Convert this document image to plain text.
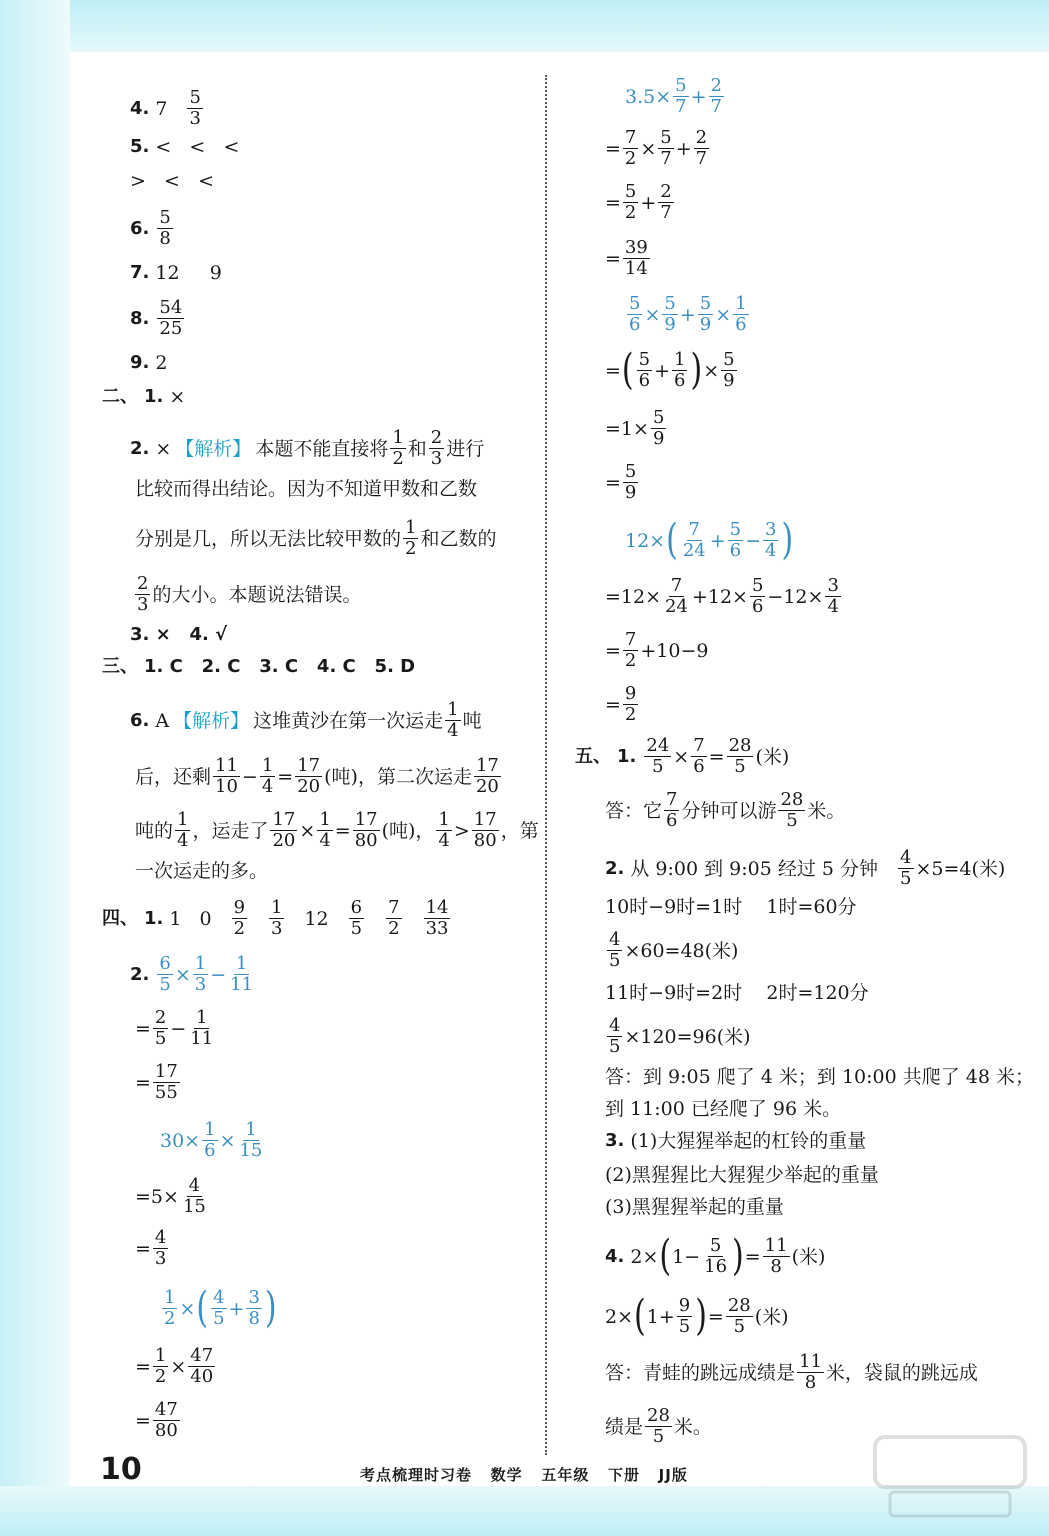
4. $7 \frac{5}{3}$
5. <   <   <
>   <   <
6. $\frac{5}{8}$
7. 12     9
8. $\frac{54}{25}$
9. 2
二、 1. ×
2. × 【解析】 本题不能直接将 $\frac{1}{2}$ 和 $\frac{2}{3}$ 进行
比较而得出结论。因为不知道甲数和乙数
分别是几，所以无法比较甲数的 $\frac{1}{2}$ 和乙数的
$\frac{2}{3}$ 的大小。本题说法错误。
3. ×   4. √
三、 1. C   2. C   3. C   4. C   5. D
6. A 【解析】 这堆黄沙在第一次运走 $\frac{1}{4}$ 吨
后，还剩 $\frac{11}{10} - \frac{1}{4} = \frac{17}{20}$ (吨)，第二次运走 $\frac{17}{20}$
吨的 $\frac{1}{4}$ ，运走了 $\frac{17}{20} \times \frac{1}{4} = \frac{17}{80}$ (吨)， $\frac{1}{4} > \frac{17}{80}$ ，第
一次运走的多。
四、 1. 1 $0 \frac{9}{2} \frac{1}{3} 12 \frac{6}{5} \frac{7}{2} \frac{14}{33}$
2. $\frac{6}{5} \times \frac{1}{3} - \frac{1}{11}$
= $\frac{2}{5} - \frac{1}{11}$
= $\frac{17}{55}$
$30\times \frac{1}{6} \times \frac{1}{15}$
$=5\times \frac{4}{15}$
= $\frac{4}{3}$
$\frac{1}{2}$ × ( $\frac{4}{5} + \frac{3}{8}$ )
= $\frac{1}{2} \times \frac{47}{40}$
= $\frac{47}{80}$
$3.5\times \frac{5}{7} + \frac{2}{7}$
= $\frac{7}{2} \times \frac{5}{7} + \frac{2}{7}$
= $\frac{5}{2} + \frac{2}{7}$
= $\frac{39}{14}$
$\frac{5}{6} \times \frac{5}{9} + \frac{5}{9} \times \frac{1}{6}$
= ( $\frac{5}{6} + \frac{1}{6}$ ) × $\frac{5}{9}$
$=1\times \frac{5}{9}$
= $\frac{5}{9}$
12× ( $\frac{7}{24} + \frac{5}{6} - \frac{3}{4}$ )
$=12\times \frac{7}{24} +12\times \frac{5}{6} -12\times \frac{3}{4}$
= $\frac{7}{2} +10-9$
= $\frac{9}{2}$
五、 1. $\frac{24}{5} \times \frac{7}{6} = \frac{28}{5}$ (米)
答：它 $\frac{7}{6}$ 分钟可以游 $\frac{28}{5}$ 米。
2. 从 9:00 到 9:05 经过 5 分钟 $\frac{4}{5} \times 5=4$(米)
10时−9时=1时    1时=60分
$\frac{4}{5} \times 60=48$(米)
11时−9时=2时    2时=120分
$\frac{4}{5} \times 120=96$(米)
答：到 9:05 爬了 4 米；到 10:00 共爬了 48 米；
到 11:00 已经爬了 96 米。
3. (1)大猩猩举起的杠铃的重量
(2)黑猩猩比大猩猩少举起的重量
(3)黑猩猩举起的重量
4. 2× ( $1- \frac{5}{16}$ ) = $\frac{11}{8}$ (米)
2× ( $1+ \frac{9}{5}$ ) = $\frac{28}{5}$ (米)
答：青蛙的跳远成绩是 $\frac{11}{8}$ 米，袋鼠的跳远成
绩是 $\frac{28}{5}$ 米。
10	考点梳理时习卷   数学   五年级   下册   JJ版
